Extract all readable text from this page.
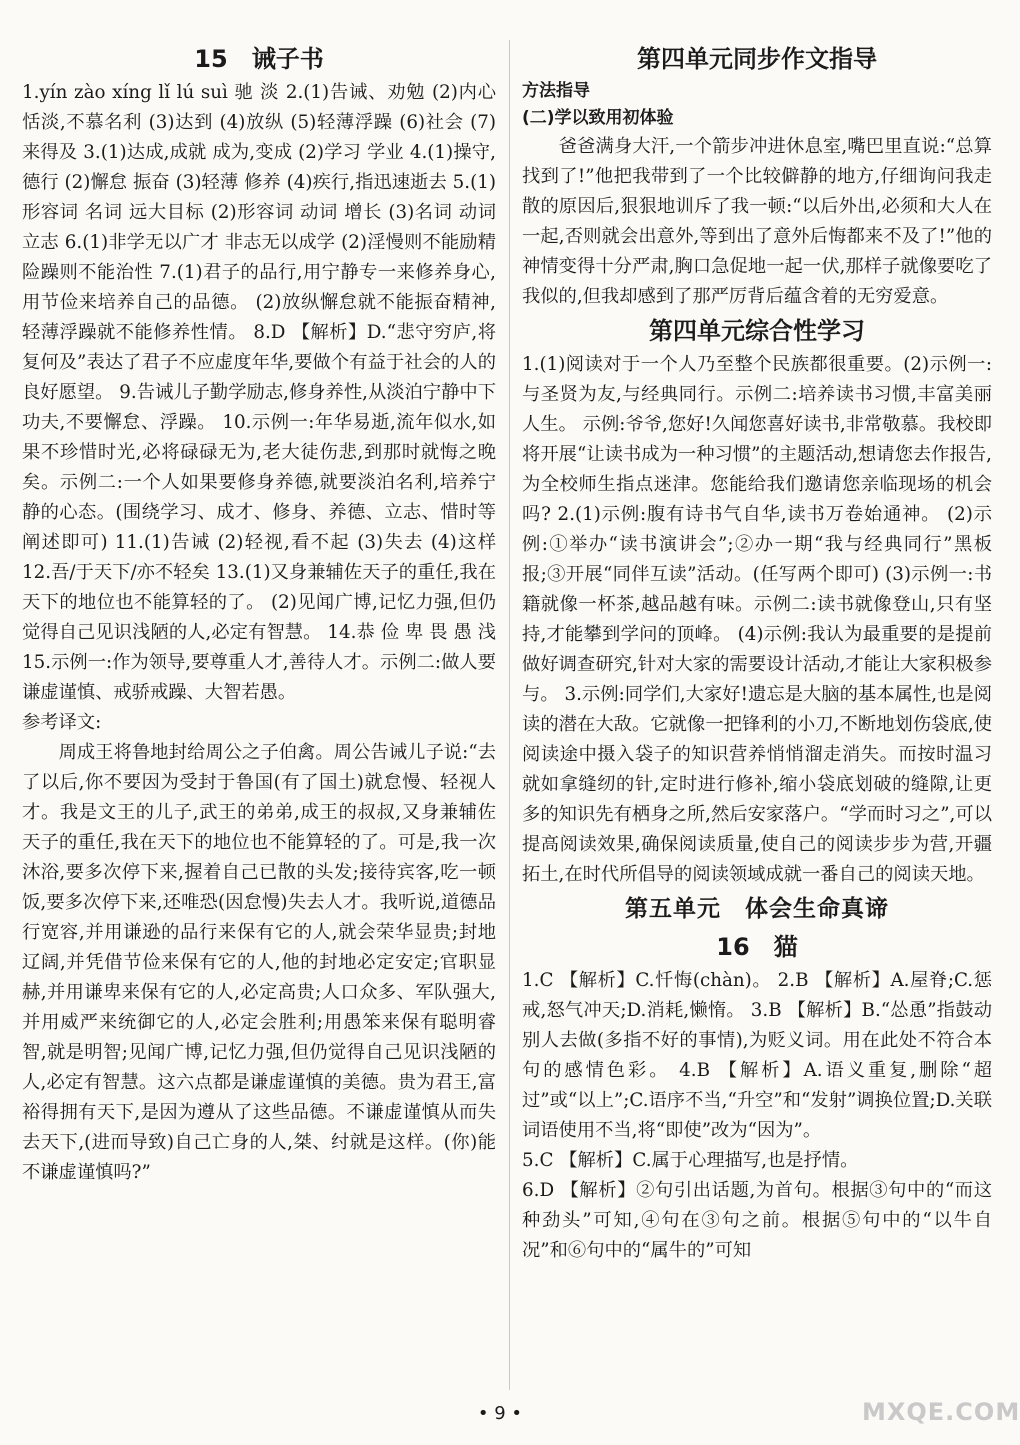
15　诫子书

1.yín zào xíng lǐ lú suì 驰 淡 2.(1)告诫、劝勉 (2)内心恬淡,不慕名利 (3)达到 (4)放纵 (5)轻薄浮躁 (6)社会 (7)来得及 3.(1)达成,成就 成为,变成 (2)学习 学业 4.(1)操守,德行 (2)懈怠 振奋 (3)轻薄 修养 (4)疾行,指迅速逝去 5.(1)形容词 名词 远大目标 (2)形容词 动词 增长 (3)名词 动词 立志 6.(1)非学无以广才 非志无以成学 (2)淫慢则不能励精 险躁则不能治性 7.(1)君子的品行,用宁静专一来修养身心,用节俭来培养自己的品德。 (2)放纵懈怠就不能振奋精神,轻薄浮躁就不能修养性情。 8.D 【解析】D.“悲守穷庐,将复何及”表达了君子不应虚度年华,要做个有益于社会的人的良好愿望。 9.告诫儿子勤学励志,修身养性,从淡泊宁静中下功夫,不要懈怠、浮躁。 10.示例一:年华易逝,流年似水,如果不珍惜时光,必将碌碌无为,老大徒伤悲,到那时就悔之晚矣。示例二:一个人如果要修身养德,就要淡泊名利,培养宁静的心态。(围绕学习、成才、修身、养德、立志、惜时等阐述即可) 11.(1)告诫 (2)轻视,看不起 (3)失去 (4)这样 12.吾/于天下/亦不轻矣 13.(1)又身兼辅佐天子的重任,我在天下的地位也不能算轻的了。 (2)见闻广博,记忆力强,但仍觉得自己见识浅陋的人,必定有智慧。 14.恭 俭 卑 畏 愚 浅 15.示例一:作为领导,要尊重人才,善待人才。示例二:做人要谦虚谨慎、戒骄戒躁、大智若愚。

参考译文:

周成王将鲁地封给周公之子伯禽。周公告诫儿子说:“去了以后,你不要因为受封于鲁国(有了国土)就怠慢、轻视人才。我是文王的儿子,武王的弟弟,成王的叔叔,又身兼辅佐天子的重任,我在天下的地位也不能算轻的了。可是,我一次沐浴,要多次停下来,握着自己已散的头发;接待宾客,吃一顿饭,要多次停下来,还唯恐(因怠慢)失去人才。我听说,道德品行宽容,并用谦逊的品行来保有它的人,就会荣华显贵;封地辽阔,并凭借节俭来保有它的人,他的封地必定安定;官职显赫,并用谦卑来保有它的人,必定高贵;人口众多、军队强大,并用威严来统御它的人,必定会胜利;用愚笨来保有聪明睿智,就是明智;见闻广博,记忆力强,但仍觉得自己见识浅陋的人,必定有智慧。这六点都是谦虚谨慎的美德。贵为君王,富裕得拥有天下,是因为遵从了这些品德。不谦虚谨慎从而失去天下,(进而导致)自己亡身的人,桀、纣就是这样。(你)能不谦虚谨慎吗?”

第四单元同步作文指导
方法指导
(二)学以致用初体验

爸爸满身大汗,一个箭步冲进休息室,嘴巴里直说:“总算找到了!”他把我带到了一个比较僻静的地方,仔细询问我走散的原因后,狠狠地训斥了我一顿:“以后外出,必须和大人在一起,否则就会出意外,等到出了意外后悔都来不及了!”他的神情变得十分严肃,胸口急促地一起一伏,那样子就像要吃了我似的,但我却感到了那严厉背后蕴含着的无穷爱意。

第四单元综合性学习

1.(1)阅读对于一个人乃至整个民族都很重要。(2)示例一:与圣贤为友,与经典同行。示例二:培养读书习惯,丰富美丽人生。 示例:爷爷,您好!久闻您喜好读书,非常敬慕。我校即将开展“让读书成为一种习惯”的主题活动,想请您去作报告,为全校师生指点迷津。您能给我们邀请您亲临现场的机会吗? 2.(1)示例:腹有诗书气自华,读书万卷始通神。 (2)示例:①举办“读书演讲会”;②办一期“我与经典同行”黑板报;③开展“同伴互读”活动。(任写两个即可) (3)示例一:书籍就像一杯茶,越品越有味。示例二:读书就像登山,只有坚持,才能攀到学问的顶峰。 (4)示例:我认为最重要的是提前做好调查研究,针对大家的需要设计活动,才能让大家积极参与。 3.示例:同学们,大家好!遗忘是大脑的基本属性,也是阅读的潜在大敌。它就像一把锋利的小刀,不断地划伤袋底,使阅读途中摄入袋子的知识营养悄悄溜走消失。而按时温习就如拿缝纫的针,定时进行修补,缩小袋底划破的缝隙,让更多的知识先有栖身之所,然后安家落户。“学而时习之”,可以提高阅读效果,确保阅读质量,使自己的阅读步步为营,开疆拓土,在时代所倡导的阅读领域成就一番自己的阅读天地。

第五单元　体会生命真谛
16　猫

1.C 【解析】C.忏悔(chàn)。 2.B 【解析】A.屋脊;C.惩戒,怒气冲天;D.消耗,懒惰。 3.B 【解析】B.“怂恿”指鼓动别人去做(多指不好的事情),为贬义词。用在此处不符合本句的感情色彩。 4.B 【解析】A.语义重复,删除“超过”或“以上”;C.语序不当,“升空”和“发射”调换位置;D.关联词语使用不当,将“即使”改为“因为”。

5.C 【解析】C.属于心理描写,也是抒情。

6.D 【解析】②句引出话题,为首句。根据③句中的“而这种劲头”可知,④句在③句之前。根据⑤句中的“以牛自况”和⑥句中的“属牛的”可知

• 9 •	MXQE.COM
